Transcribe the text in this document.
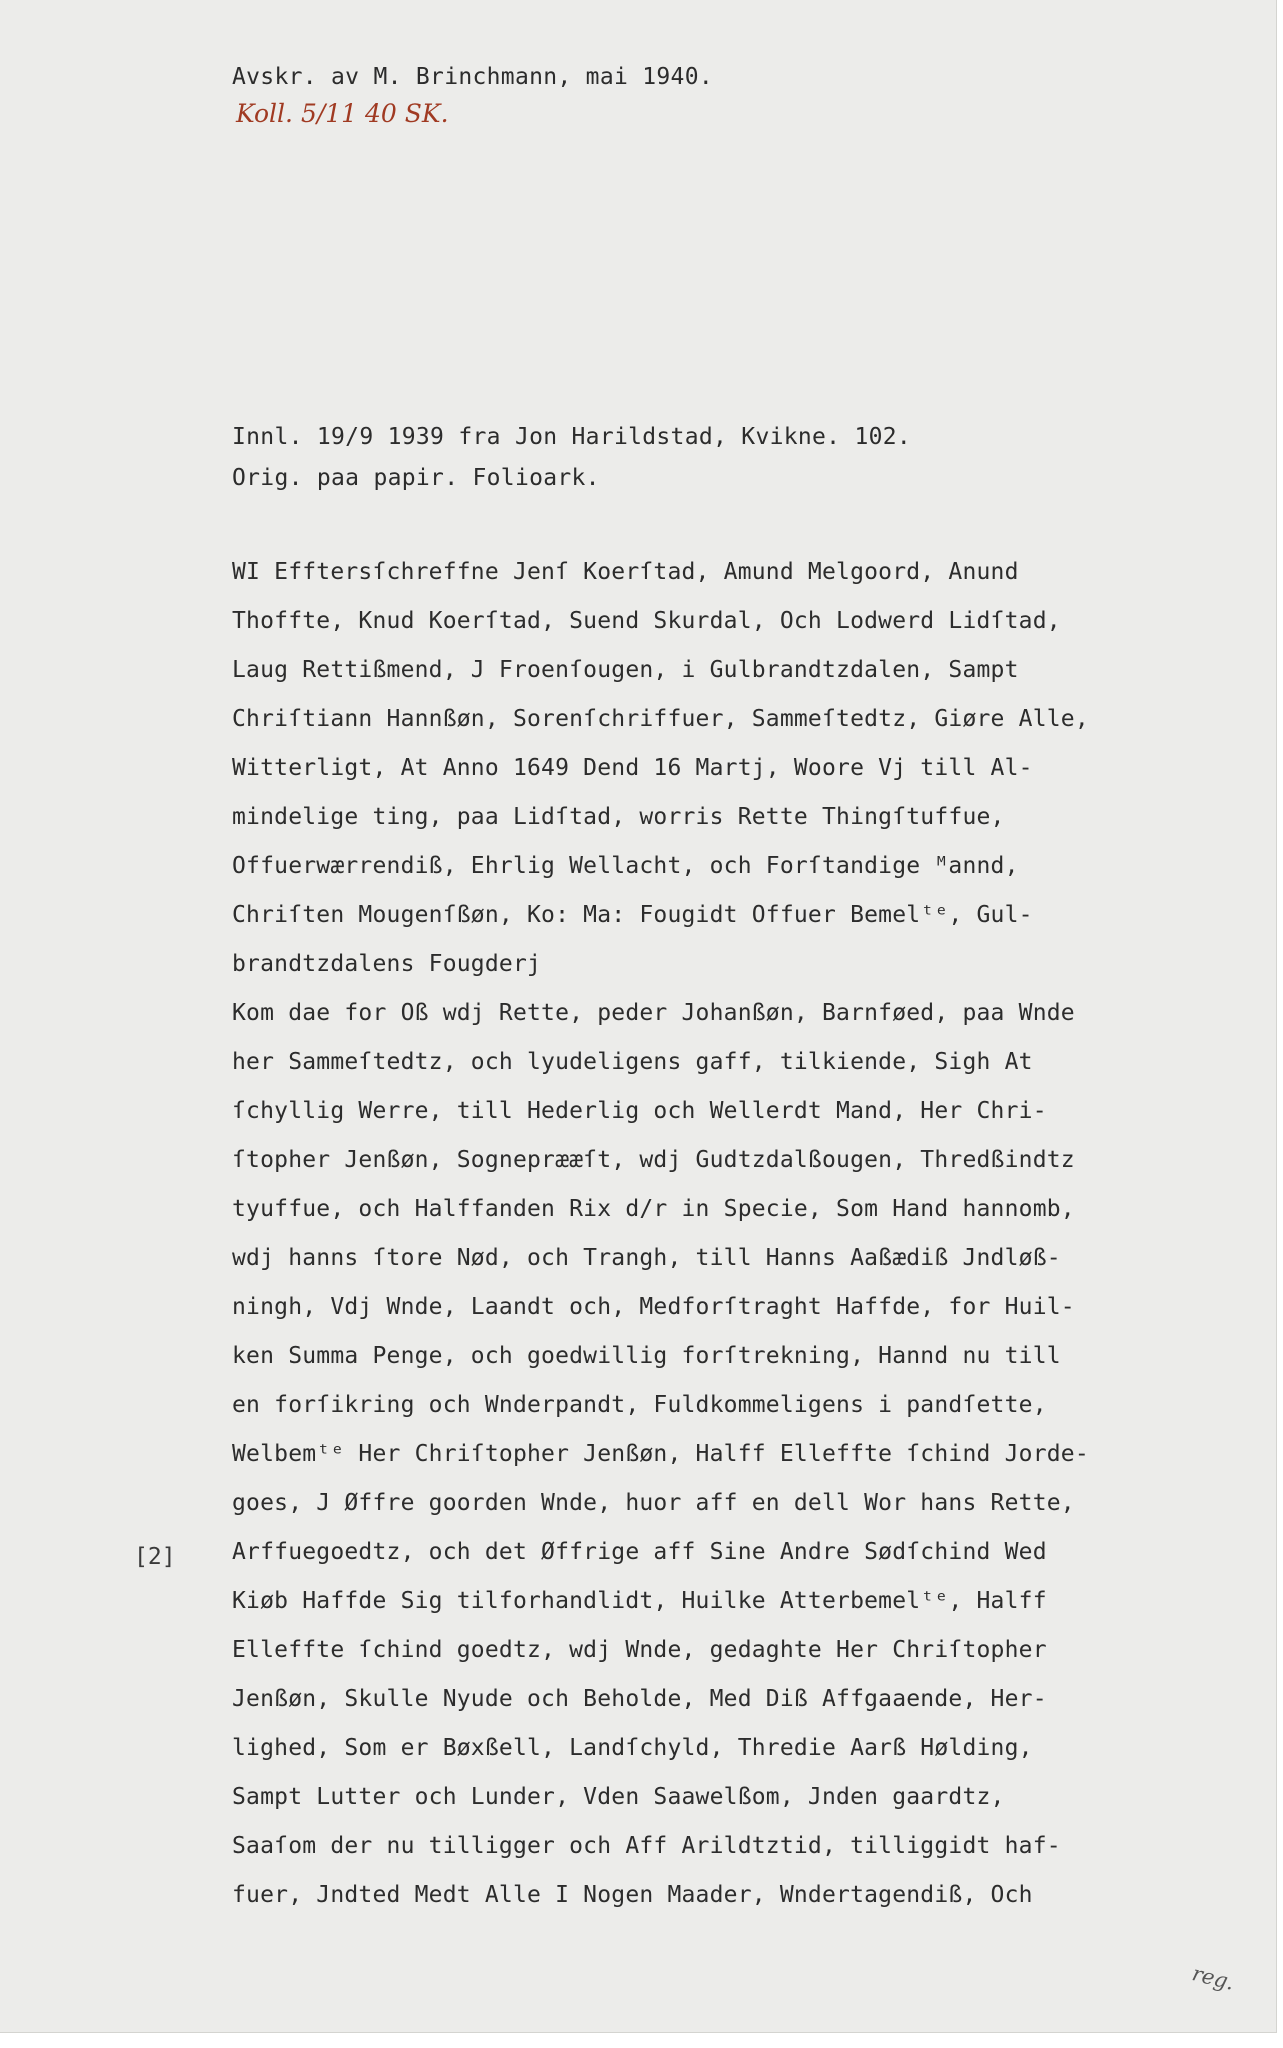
Avskr. av M. Brinchmann, mai 1940.
Koll. 5/11 40 SK.
Innl. 19/9 1939 fra Jon Harildstad, Kvikne. 102.
Orig. paa papir. Folioark.
WI Efftersſchreffne Jenſ Koerſtad, Amund Melgoord, Anund
Thoffte, Knud Koerſtad, Suend Skurdal, Och Lodwerd Lidſtad,
Laug Rettißmend, J Froenſougen, i Gulbrandtzdalen, Sampt
Chriſtiann Hannßøn, Sorenſchriffuer, Sammeſtedtz, Giøre Alle,
Witterligt, At Anno 1649 Dend 16 Martj, Woore Vj till Al-
mindelige ting, paa Lidſtad, worris Rette Thingſtuffue,
Offuerwærrendiß, Ehrlig Wellacht, och Forſtandige ᴹannd,
Chriſten Mougenſßøn, Ko: Ma: Fougidt Offuer Bemelᵗᵉ, Gul-
brandtzdalens Fougderj
Kom dae for Oß wdj Rette, peder Johanßøn, Barnføed, paa Wnde
her Sammeſtedtz, och lyudeligens gaff, tilkiende, Sigh At
ſchyllig Werre, till Hederlig och Wellerdt Mand, Her Chri-
ſtopher Jenßøn, Sogneprææſt, wdj Gudtzdalßougen, Thredßindtz
tyuffue, och Halffanden Rix d/r in Specie, Som Hand hannomb,
wdj hanns ſtore Nød, och Trangh, till Hanns Aaßædiß Jndløß-
ningh, Vdj Wnde, Laandt och, Medforſtraght Haffde, for Huil-
ken Summa Penge, och goedwillig forſtrekning, Hannd nu till
en forſikring och Wnderpandt, Fuldkommeligens i pandſette,
Welbemᵗᵉ Her Chriſtopher Jenßøn, Halff Elleffte ſchind Jorde-
goes, J Øffre goorden Wnde, huor aff en dell Wor hans Rette,
Arffuegoedtz, och det Øffrige aff Sine Andre Sødſchind Wed
Kiøb Haffde Sig tilforhandlidt, Huilke Atterbemelᵗᵉ, Halff
Elleffte ſchind goedtz, wdj Wnde, gedaghte Her Chriſtopher
Jenßøn, Skulle Nyude och Beholde, Med Diß Affgaaende, Her-
lighed, Som er Bøxßell, Landſchyld, Thredie Aarß Hølding,
Sampt Lutter och Lunder, Vden Saawelßom, Jnden gaardtz,
Saaſom der nu tilligger och Aff Arildtztid, tilliggidt haf-
fuer, Jndted Medt Alle I Nogen Maader, Wndertagendiß, Och
[2]
reg.
